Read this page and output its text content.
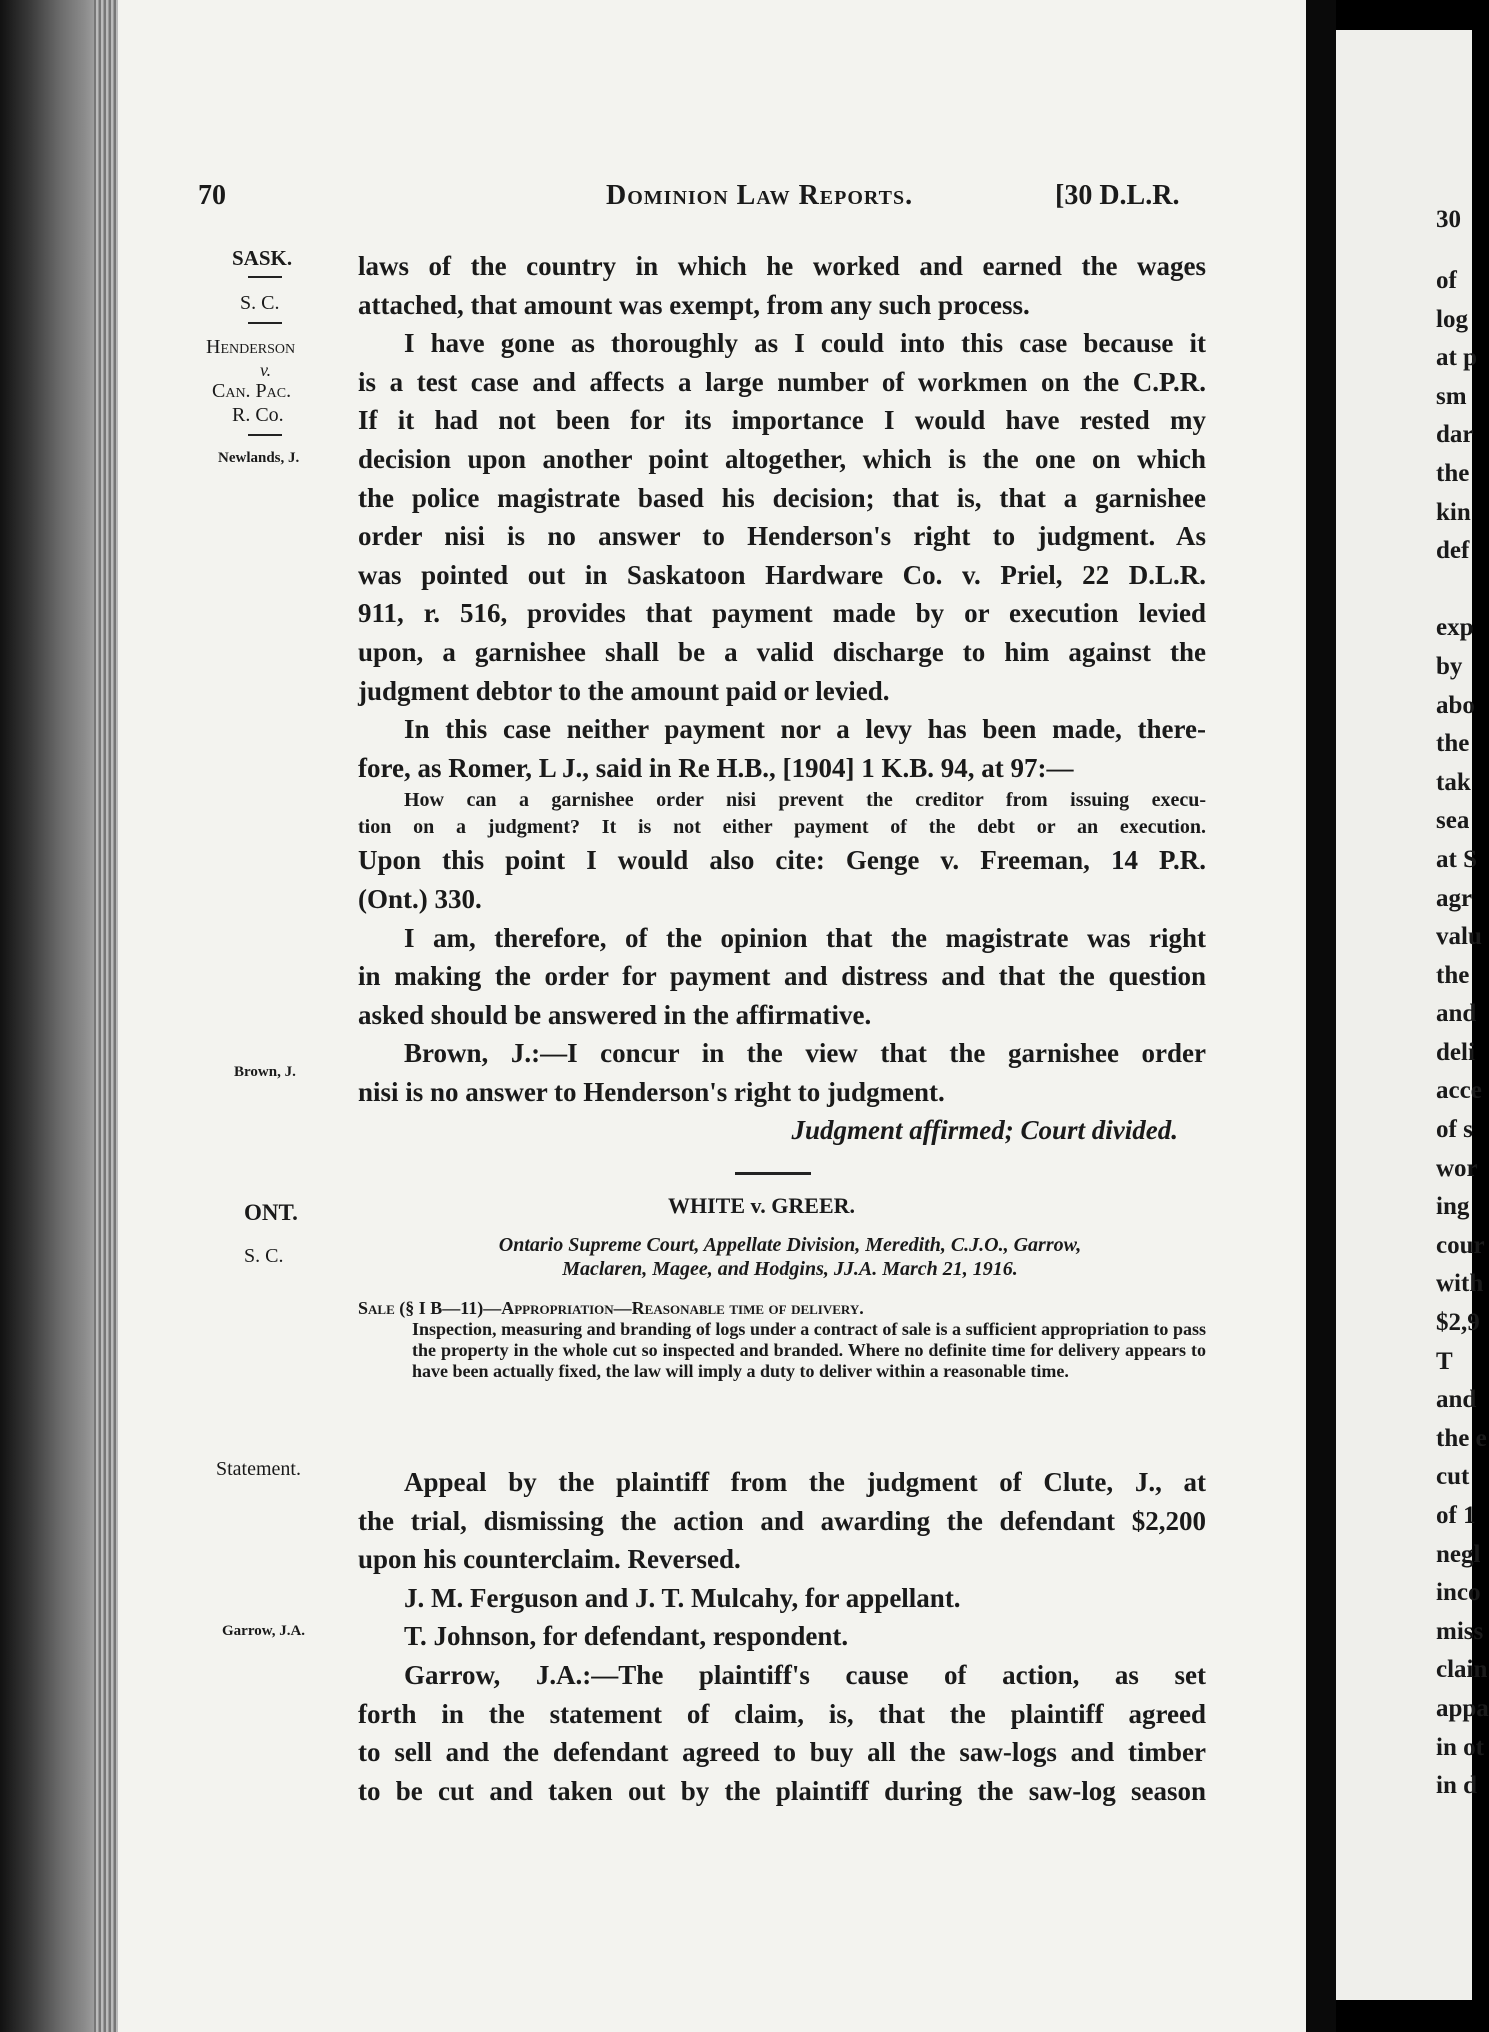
30
of
log
at p
sm
dar
the
kin
def
exp
by
abo
the
tak
sea
at S
agr
valu
the
and
deli
acce
of s
wor
ing
cour
with
$2,9
T
and
the e
cut
of 1
negl
inco
miss
clain
appa
in ot
in d
70	Dominion Law Reports.	[30 D.L.R.
SASK.
S. C.
Henderson
v.
Can. Pac.
R. Co.
Newlands, J.
Brown, J.
ONT.
S. C.
Statement.
Garrow, J.A.
laws of the country in which he worked and earned the wages
attached, that amount was exempt, from any such process.
I have gone as thoroughly as I could into this case because it
is a test case and affects a large number of workmen on the C.P.R.
If it had not been for its importance I would have rested my
decision upon another point altogether, which is the one on which
the police magistrate based his decision; that is, that a garnishee
order nisi is no answer to Henderson's right to judgment. As
was pointed out in Saskatoon Hardware Co. v. Priel, 22 D.L.R.
911, r. 516, provides that payment made by or execution levied
upon, a garnishee shall be a valid discharge to him against the
judgment debtor to the amount paid or levied.
In this case neither payment nor a levy has been made, there-
fore, as Romer, L J., said in Re H.B., [1904] 1 K.B. 94, at 97:—
How can a garnishee order nisi prevent the creditor from issuing execu-
tion on a judgment? It is not either payment of the debt or an execution.
Upon this point I would also cite: Genge v. Freeman, 14 P.R.
(Ont.) 330.
I am, therefore, of the opinion that the magistrate was right
in making the order for payment and distress and that the question
asked should be answered in the affirmative.
Brown, J.:—I concur in the view that the garnishee order
nisi is no answer to Henderson's right to judgment.
Judgment affirmed; Court divided.
WHITE v. GREER.
Ontario Supreme Court, Appellate Division, Meredith, C.J.O., Garrow,
Maclaren, Magee, and Hodgins, JJ.A. March 21, 1916.
Sale (§ I B—11)—Appropriation—Reasonable time of delivery.
Inspection, measuring and branding of logs under a contract of sale is a sufficient appropriation to pass the property in the whole cut so inspected and branded. Where no definite time for delivery appears to have been actually fixed, the law will imply a duty to deliver within a reasonable time.
Appeal by the plaintiff from the judgment of Clute, J., at
the trial, dismissing the action and awarding the defendant $2,200
upon his counterclaim. Reversed.
J. M. Ferguson and J. T. Mulcahy, for appellant.
T. Johnson, for defendant, respondent.
Garrow, J.A.:—The plaintiff's cause of action, as set
forth in the statement of claim, is, that the plaintiff agreed
to sell and the defendant agreed to buy all the saw-logs and timber
to be cut and taken out by the plaintiff during the saw-log season
